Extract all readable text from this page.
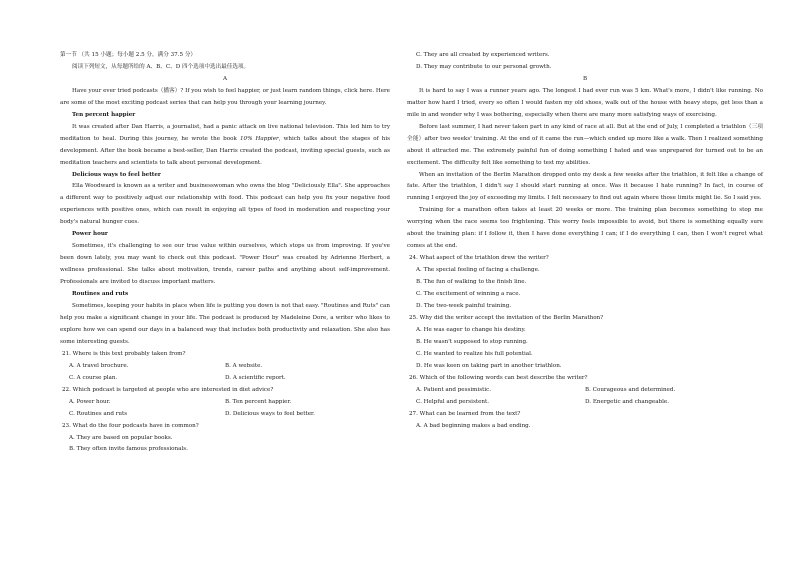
第一节 （共 15 小题；每小题 2.5 分，满分 37.5 分）

阅读下列短文，从每题所给的 A、B、C、D 四个选项中选出最佳选项。

A

Have your ever tried podcasts（播客）? If you wish to feel happier, or just learn random things, click here. Here are some of the most exciting podcast series that can help you through your learning journey.

Ten percent happier

It was created after Dan Harris, a journalist, had a panic attack on live national television. This led him to try meditation to heal. During this journey, he wrote the book 10% Happier, which talks about the stages of his development. After the book became a best-seller, Dan Harris created the podcast, inviting special guests, such as meditation teachers and scientists to talk about personal development.

Delicious ways to feel better

Ella Woodward is known as a writer and businesswoman who owns the blog "Deliciously Ella". She approaches a different way to positively adjust our relationship with food. This podcast can help you fix your negative food experiences with positive ones, which can result in enjoying all types of food in moderation and respecting your body's natural hunger cues.

Power hour

Sometimes, it's challenging to see our true value within ourselves, which stops us from improving. If you've been down lately, you may want to check out this podcast. "Power Hour" was created by Adrienne Herbert, a wellness professional. She talks about motivation, trends, career paths and anything about self-improvement. Professionals are invited to discuss important matters.

Routines and ruts

Sometimes, keeping your habits in place when life is putting you down is not that easy. "Routines and Ruts" can help you make a significant change in your life. The podcast is produced by Madeleine Dore, a writer who likes to explore how we can spend our days in a balanced way that includes both productivity and relaxation. She also has some interesting guests.

21. Where is this text probably taken from?

A. A travel brochure.	B. A website.
C. A course plan.	D. A scientific report.

22. Which podcast is targeted at people who are interested in diet advice?

A. Power hour.	B. Ten percent happier.
C. Routines and ruts	D. Delicious ways to feel better.

23. What do the four podcasts have in common?

A. They are based on popular books.

B. They often invite famous professionals.

C. They are all created by experienced writers.

D. They may contribute to our personal growth.

B

It is hard to say I was a runner years ago. The longest I had ever run was 5 km. What's more, I didn't like running. No matter how hard I tried, every so often I would fasten my old shoes, walk out of the house with heavy steps, get less than a mile in and wonder why I was bothering, especially when there are many more satisfying ways of exercising.

Before last summer, I had never taken part in any kind of race at all. But at the end of July, I completed a triathlon（三项全能）after two weeks' training. At the end of it came the run—which ended up more like a walk. Then I realized something about it attracted me. The extremely painful fun of doing something I hated and was unprepared for turned out to be an excitement. The difficulty felt like something to test my abilities.

When an invitation of the Berlin Marathon dropped onto my desk a few weeks after the triathlon, it felt like a change of fate. After the triathlon, I didn't say I should start running at once. Was it because I hate running? In fact, in course of running I enjoyed the joy of exceeding my limits. I felt necessary to find out again where those limits might lie. So I said yes.

Training for a marathon often takes at least 20 weeks or more. The training plan becomes something to stop me worrying when the race seems too frightening. This worry feels impossible to avoid, but there is something equally sure about the training plan: if I follow it, then I have done everything I can; if I do everything I can, then I won't regret what comes at the end.

24. What aspect of the triathlon drew the writer?

A. The special feeling of facing a challenge.

B. The fun of walking to the finish line.

C. The excitement of winning a race.

D. The two-week painful training.

25. Why did the writer accept the invitation of the Berlin Marathon?

A. He was eager to change his destiny.

B. He wasn't supposed to stop running.

C. He wanted to realize his full potential.

D. He was keen on taking part in another triathlon.

26. Which of the following words can best describe the writer?

A. Patient and pessimistic.	B. Courageous and determined.
C. Helpful and persistent.	D. Energetic and changeable.

27. What can be learned from the text?

A. A bad beginning makes a bad ending.
